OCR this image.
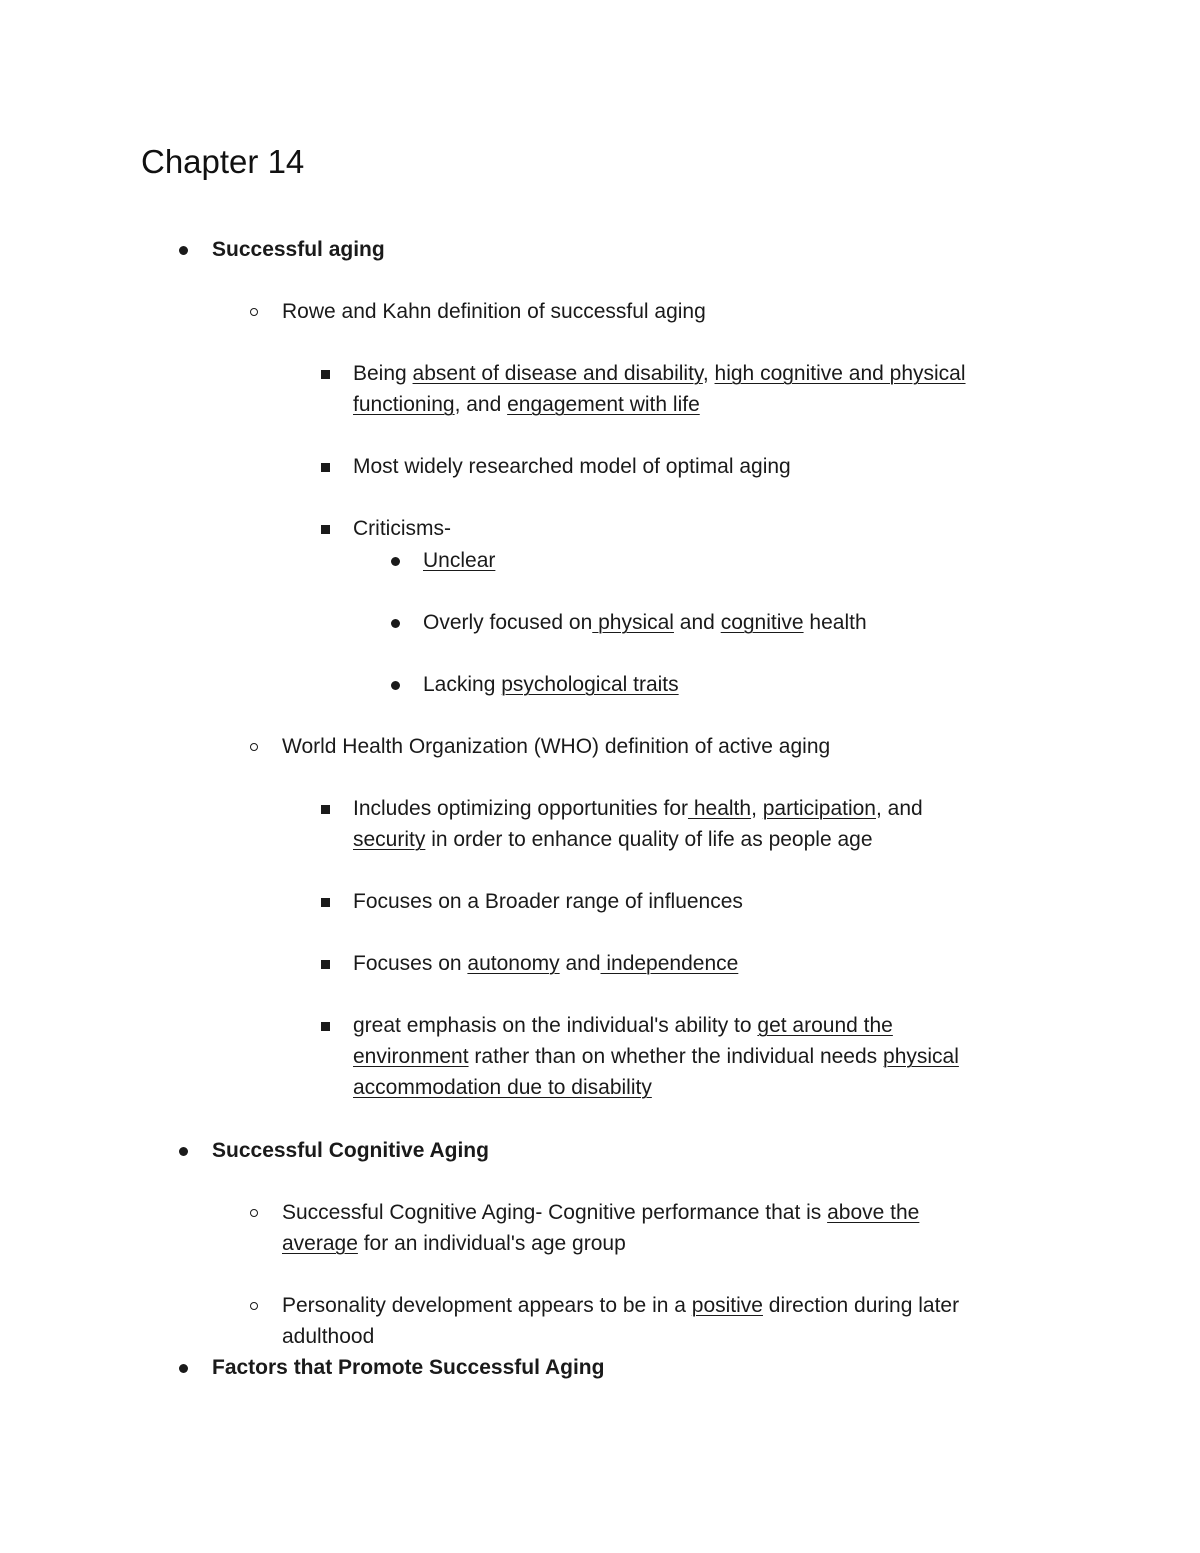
Chapter 14
Successful aging
Rowe and Kahn definition of successful aging
Being absent of disease and disability, high cognitive and physical
functioning, and engagement with life
Most widely researched model of optimal aging
Criticisms-
Unclear
Overly focused on physical and cognitive health
Lacking psychological traits
World Health Organization (WHO) definition of active aging
Includes optimizing opportunities for health, participation, and
security in order to enhance quality of life as people age
Focuses on a Broader range of influences
Focuses on autonomy and independence
great emphasis on the individual's ability to get around the
environment rather than on whether the individual needs physical
accommodation due to disability
Successful Cognitive Aging
Successful Cognitive Aging- Cognitive performance that is above the
average for an individual's age group
Personality development appears to be in a positive direction during later
adulthood
Factors that Promote Successful Aging
